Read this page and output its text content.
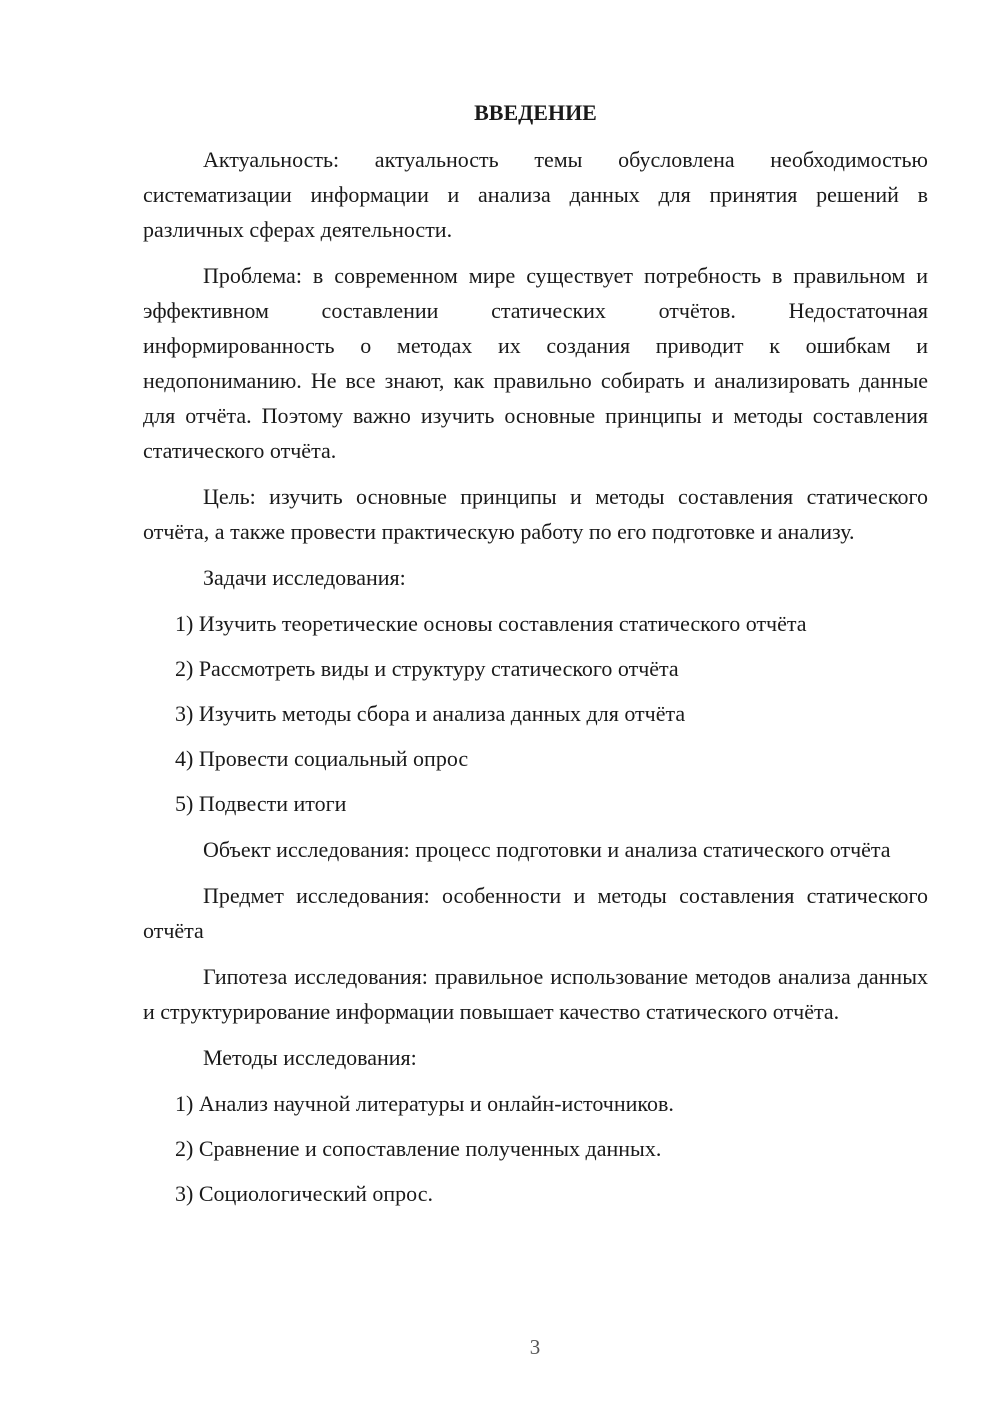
ВВЕДЕНИЕ

Актуальность: актуальность темы обусловлена необходимостью систематизации информации и анализа данных для принятия решений в различных сферах деятельности.

Проблема: в современном мире существует потребность в правильном и эффективном составлении статических отчётов. Недостаточная информированность о методах их создания приводит к ошибкам и недопониманию. Не все знают, как правильно собирать и анализировать данные для отчёта. Поэтому важно изучить основные принципы и методы составления статического отчёта.

Цель: изучить основные принципы и методы составления статического отчёта, а также провести практическую работу по его подготовке и анализу.

Задачи исследования:

1) Изучить теоретические основы составления статического отчёта
2) Рассмотреть виды и структуру статического отчёта
3) Изучить методы сбора и анализа данных для отчёта
4) Провести социальный опрос
5) Подвести итоги

Объект исследования: процесс подготовки и анализа статического отчёта

Предмет исследования: особенности и методы составления статического отчёта

Гипотеза исследования: правильное использование методов анализа данных и структурирование информации повышает качество статического отчёта.

Методы исследования:

1) Анализ научной литературы и онлайн-источников.
2) Сравнение и сопоставление полученных данных.
3) Социологический опрос.
3
